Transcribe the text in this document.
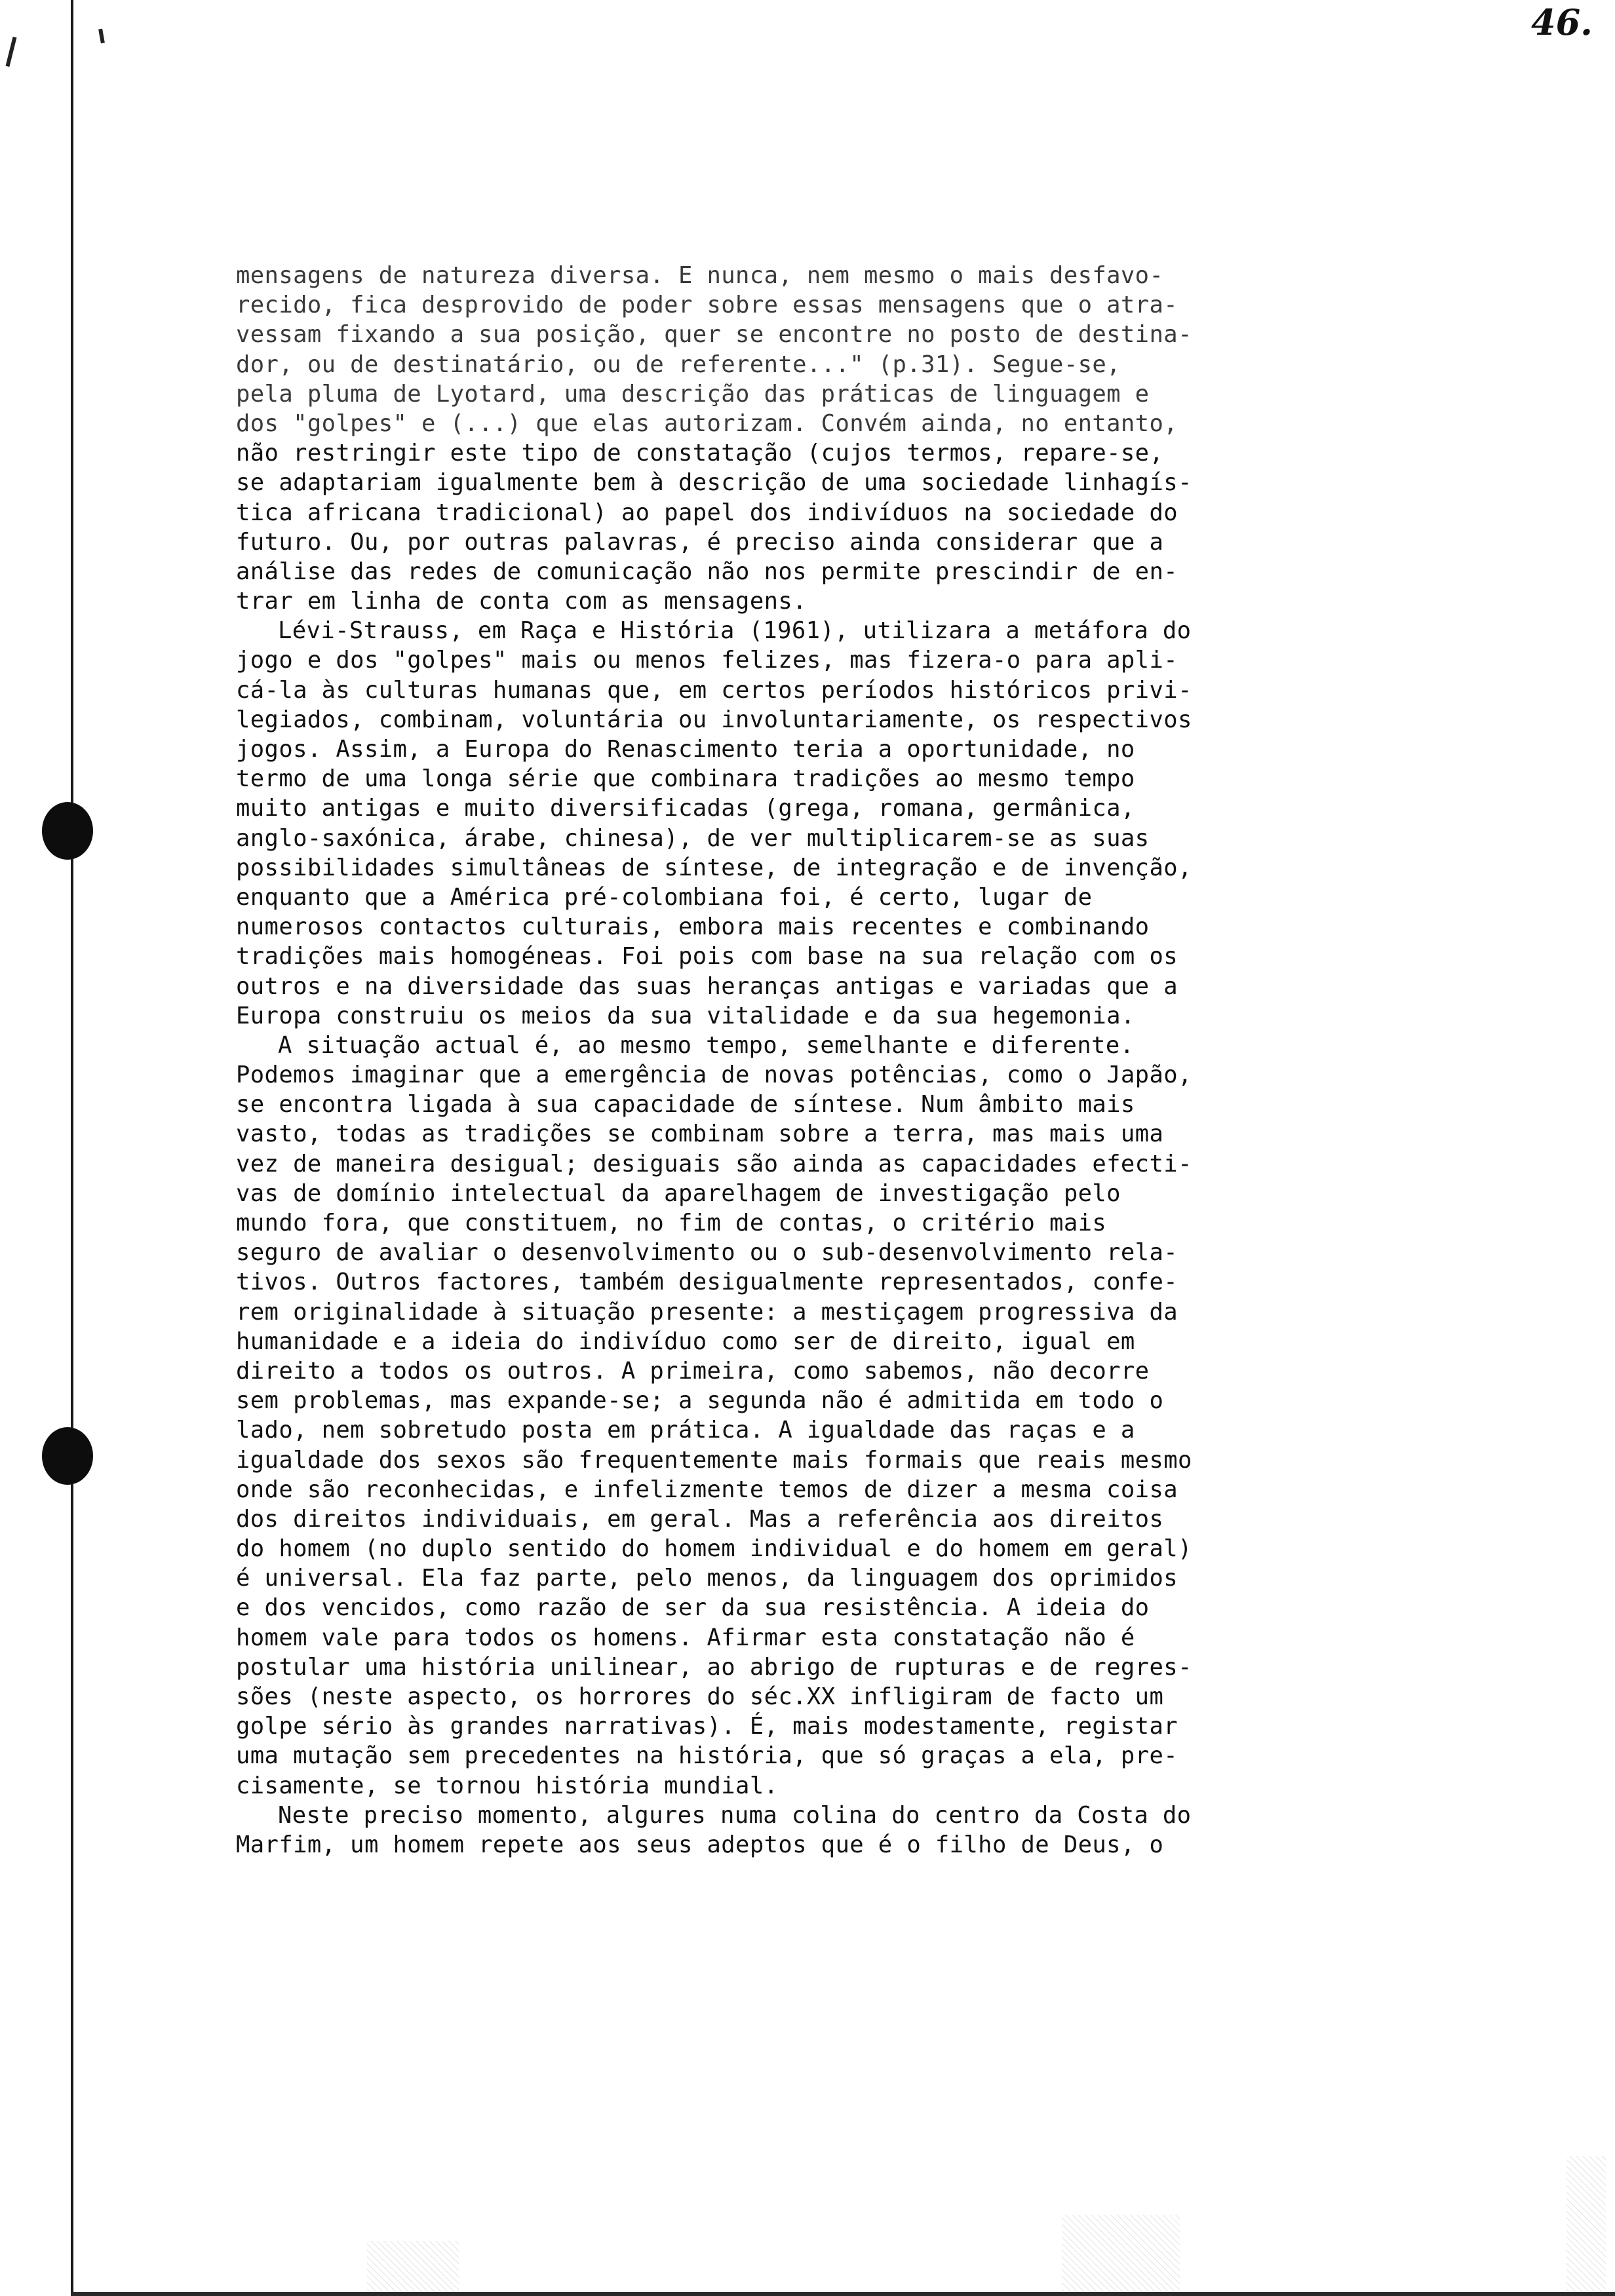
46.
mensagens de natureza diversa. E nunca, nem mesmo o mais desfavo-
recido, fica desprovido de poder sobre essas mensagens que o atra-
vessam fixando a sua posição, quer se encontre no posto de destina-
dor, ou de destinatário, ou de referente..." (p.31). Segue-se,
pela pluma de Lyotard, uma descrição das práticas de linguagem e
dos "golpes" e (...) que elas autorizam. Convém ainda, no entanto,
não restringir este tipo de constatação (cujos termos, repare-se,
se adaptariam igualmente bem à descrição de uma sociedade linhagís-
tica africana tradicional) ao papel dos indivíduos na sociedade do
futuro. Ou, por outras palavras, é preciso ainda considerar que a
análise das redes de comunicação não nos permite prescindir de en-
trar em linha de conta com as mensagens.
Lévi-Strauss, em Raça e História (1961), utilizara a metáfora do
jogo e dos "golpes" mais ou menos felizes, mas fizera-o para apli-
cá-la às culturas humanas que, em certos períodos históricos privi-
legiados, combinam, voluntária ou involuntariamente, os respectivos
jogos. Assim, a Europa do Renascimento teria a oportunidade, no
termo de uma longa série que combinara tradições ao mesmo tempo
muito antigas e muito diversificadas (grega, romana, germânica,
anglo-saxónica, árabe, chinesa), de ver multiplicarem-se as suas
possibilidades simultâneas de síntese, de integração e de invenção,
enquanto que a América pré-colombiana foi, é certo, lugar de
numerosos contactos culturais, embora mais recentes e combinando
tradições mais homogéneas. Foi pois com base na sua relação com os
outros e na diversidade das suas heranças antigas e variadas que a
Europa construiu os meios da sua vitalidade e da sua hegemonia.
A situação actual é, ao mesmo tempo, semelhante e diferente.
Podemos imaginar que a emergência de novas potências, como o Japão,
se encontra ligada à sua capacidade de síntese. Num âmbito mais
vasto, todas as tradições se combinam sobre a terra, mas mais uma
vez de maneira desigual; desiguais são ainda as capacidades efecti-
vas de domínio intelectual da aparelhagem de investigação pelo
mundo fora, que constituem, no fim de contas, o critério mais
seguro de avaliar o desenvolvimento ou o sub-desenvolvimento rela-
tivos. Outros factores, também desigualmente representados, confe-
rem originalidade à situação presente: a mestiçagem progressiva da
humanidade e a ideia do indivíduo como ser de direito, igual em
direito a todos os outros. A primeira, como sabemos, não decorre
sem problemas, mas expande-se; a segunda não é admitida em todo o
lado, nem sobretudo posta em prática. A igualdade das raças e a
igualdade dos sexos são frequentemente mais formais que reais mesmo
onde são reconhecidas, e infelizmente temos de dizer a mesma coisa
dos direitos individuais, em geral. Mas a referência aos direitos
do homem (no duplo sentido do homem individual e do homem em geral)
é universal. Ela faz parte, pelo menos, da linguagem dos oprimidos
e dos vencidos, como razão de ser da sua resistência. A ideia do
homem vale para todos os homens. Afirmar esta constatação não é
postular uma história unilinear, ao abrigo de rupturas e de regres-
sões (neste aspecto, os horrores do séc.XX infligiram de facto um
golpe sério às grandes narrativas). É, mais modestamente, registar
uma mutação sem precedentes na história, que só graças a ela, pre-
cisamente, se tornou história mundial.
Neste preciso momento, algures numa colina do centro da Costa do
Marfim, um homem repete aos seus adeptos que é o filho de Deus, o
